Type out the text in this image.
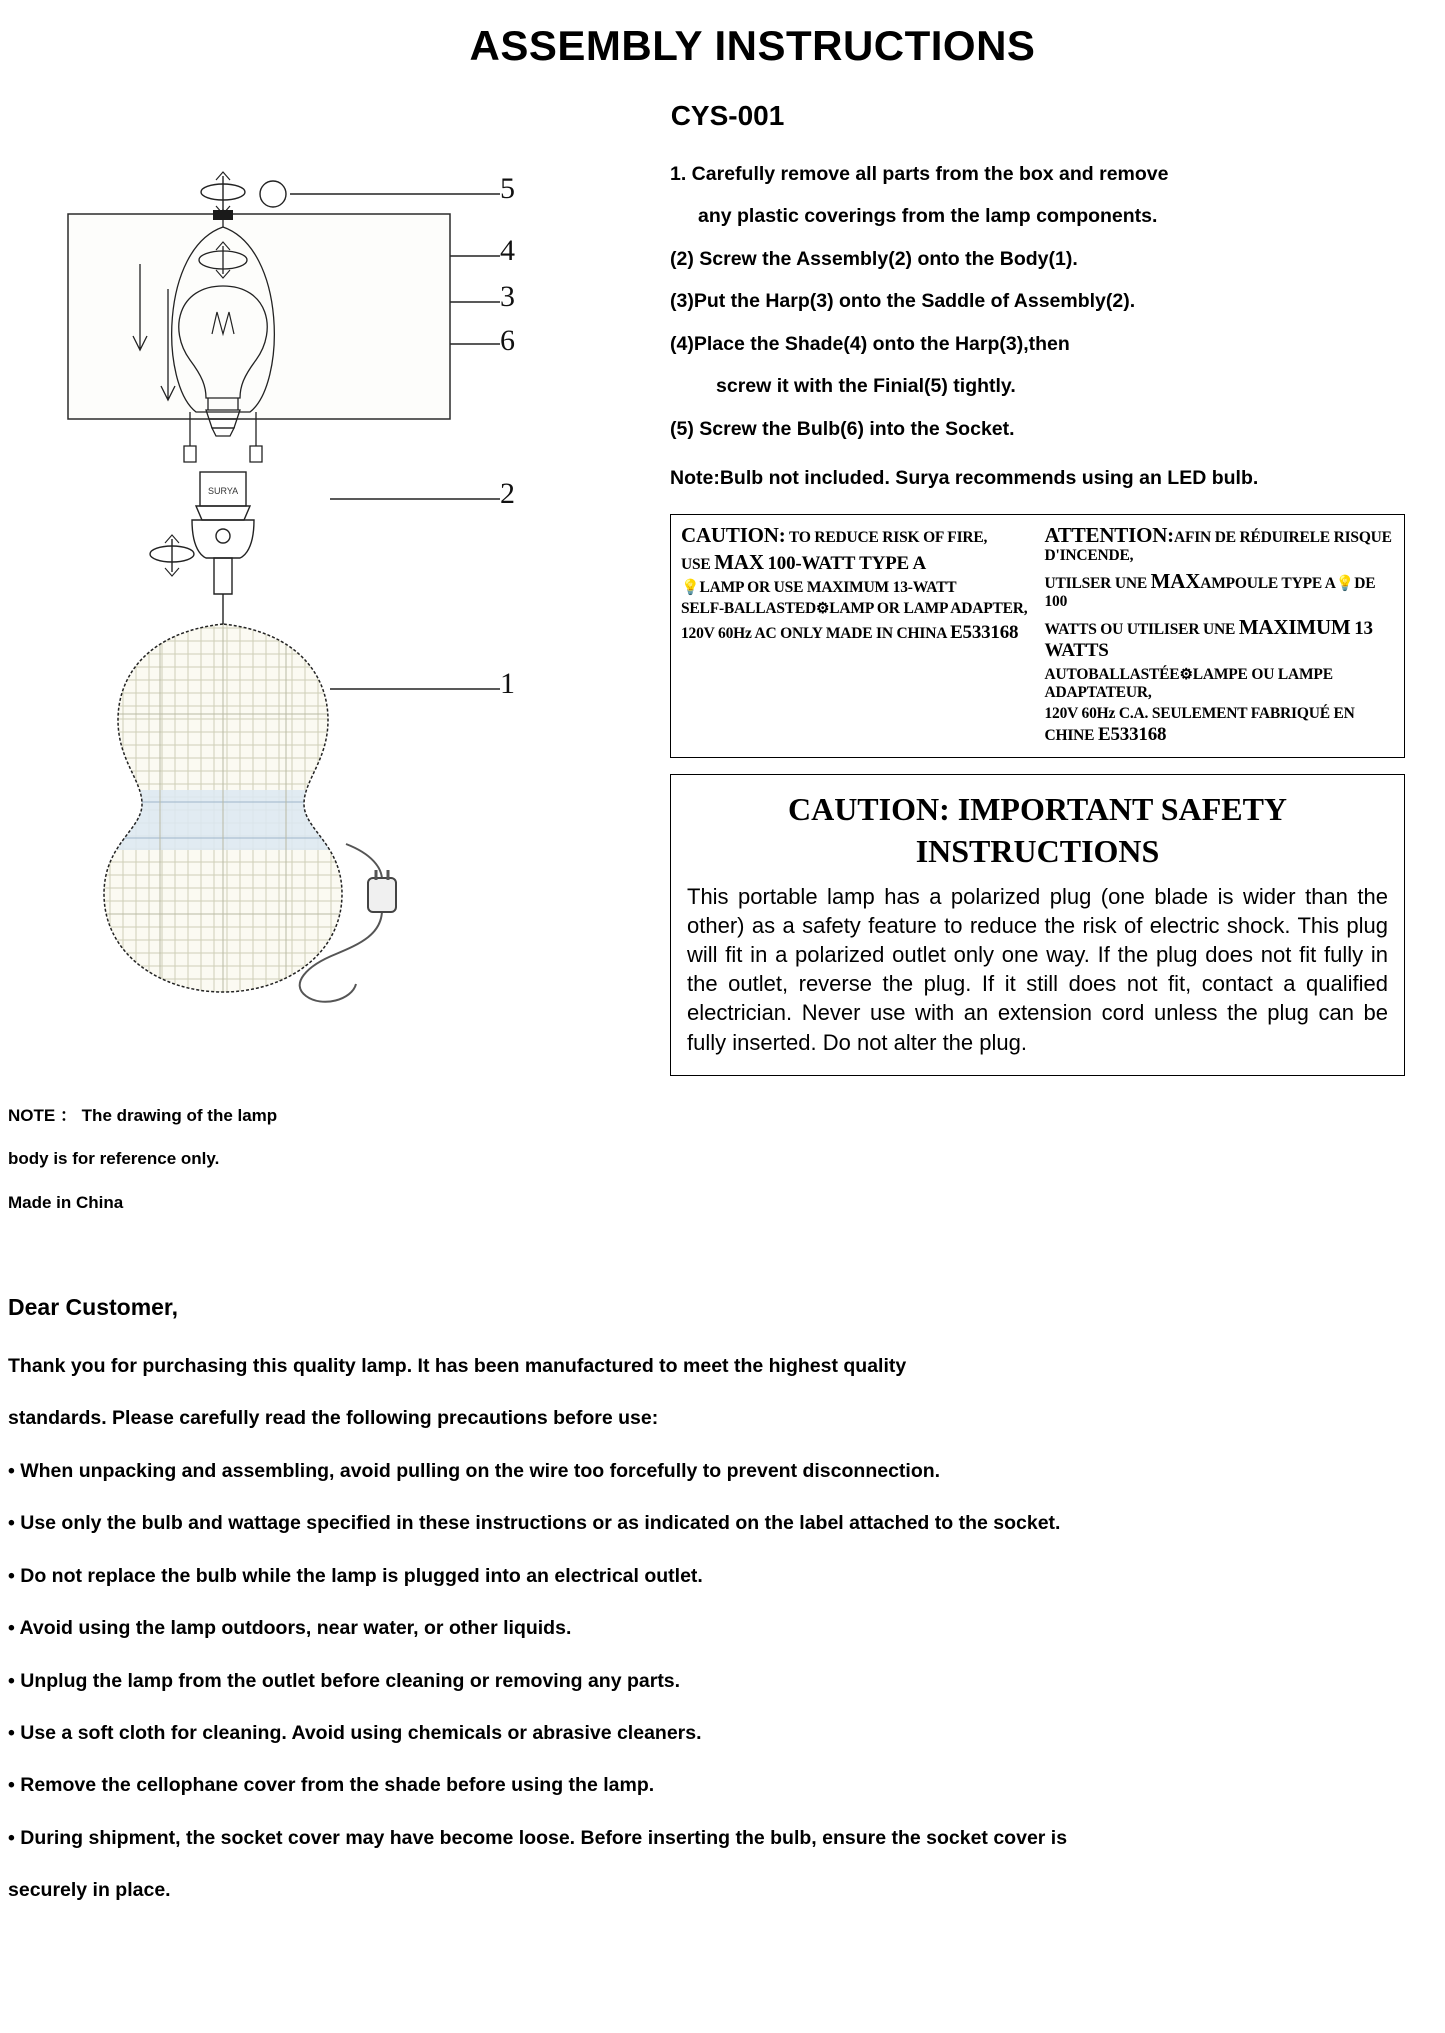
ASSEMBLY INSTRUCTIONS
CYS-001
SURYA
5
4
3
6
2
1
NOTE ： The drawing of the lamp
body is for reference only.
Made in China

1. Carefully remove all parts from the box and remove

any plastic coverings from the lamp components.

(2) Screw the Assembly(2) onto the Body(1).

(3)Put the Harp(3) onto the Saddle of Assembly(2).

(4)Place the Shade(4) onto the Harp(3),then

screw it with the Finial(5) tightly.

(5) Screw the Bulb(6) into the Socket.

Note:Bulb not included. Surya recommends using an LED bulb.

CAUTION: TO REDUCE RISK OF FIRE,

USE MAX 100-WATT TYPE A

💡LAMP OR USE MAXIMUM 13-WATT

SELF-BALLASTED⚙LAMP OR LAMP ADAPTER,

120V 60Hz AC ONLY MADE IN CHINA E533168

ATTENTION:AFIN DE RÉDUIRELE RISQUE D'INCENDE,

UTILSER UNE MAXAMPOULE TYPE A💡DE 100

WATTS OU UTILISER UNE MAXIMUM 13 WATTS

AUTOBALLASTÉE⚙LAMPE OU LAMPE ADAPTATEUR,

120V 60Hz C.A. SEULEMENT FABRIQUÉ EN CHINE E533168

CAUTION: IMPORTANT SAFETY
INSTRUCTIONS

This portable lamp has a polarized plug (one blade is wider than the other) as a safety feature to reduce the risk of electric shock. This plug will fit in a polarized outlet only one way. If the plug does not fit fully in the outlet, reverse the plug. If it still does not fit, contact a qualified electrician. Never use with an extension cord unless the plug can be fully inserted. Do not alter the plug.

Dear Customer,

Thank you for purchasing this quality lamp. It has been manufactured to meet the highest quality

standards. Please carefully read the following precautions before use:

• When unpacking and assembling, avoid pulling on the wire too forcefully to prevent disconnection.

• Use only the bulb and wattage specified in these instructions or as indicated on the label attached to the socket.

• Do not replace the bulb while the lamp is plugged into an electrical outlet.

• Avoid using the lamp outdoors, near water, or other liquids.

• Unplug the lamp from the outlet before cleaning or removing any parts.

• Use a soft cloth for cleaning. Avoid using chemicals or abrasive cleaners.

• Remove the cellophane cover from the shade before using the lamp.

• During shipment, the socket cover may have become loose. Before inserting the bulb, ensure the socket cover is

securely in place.
